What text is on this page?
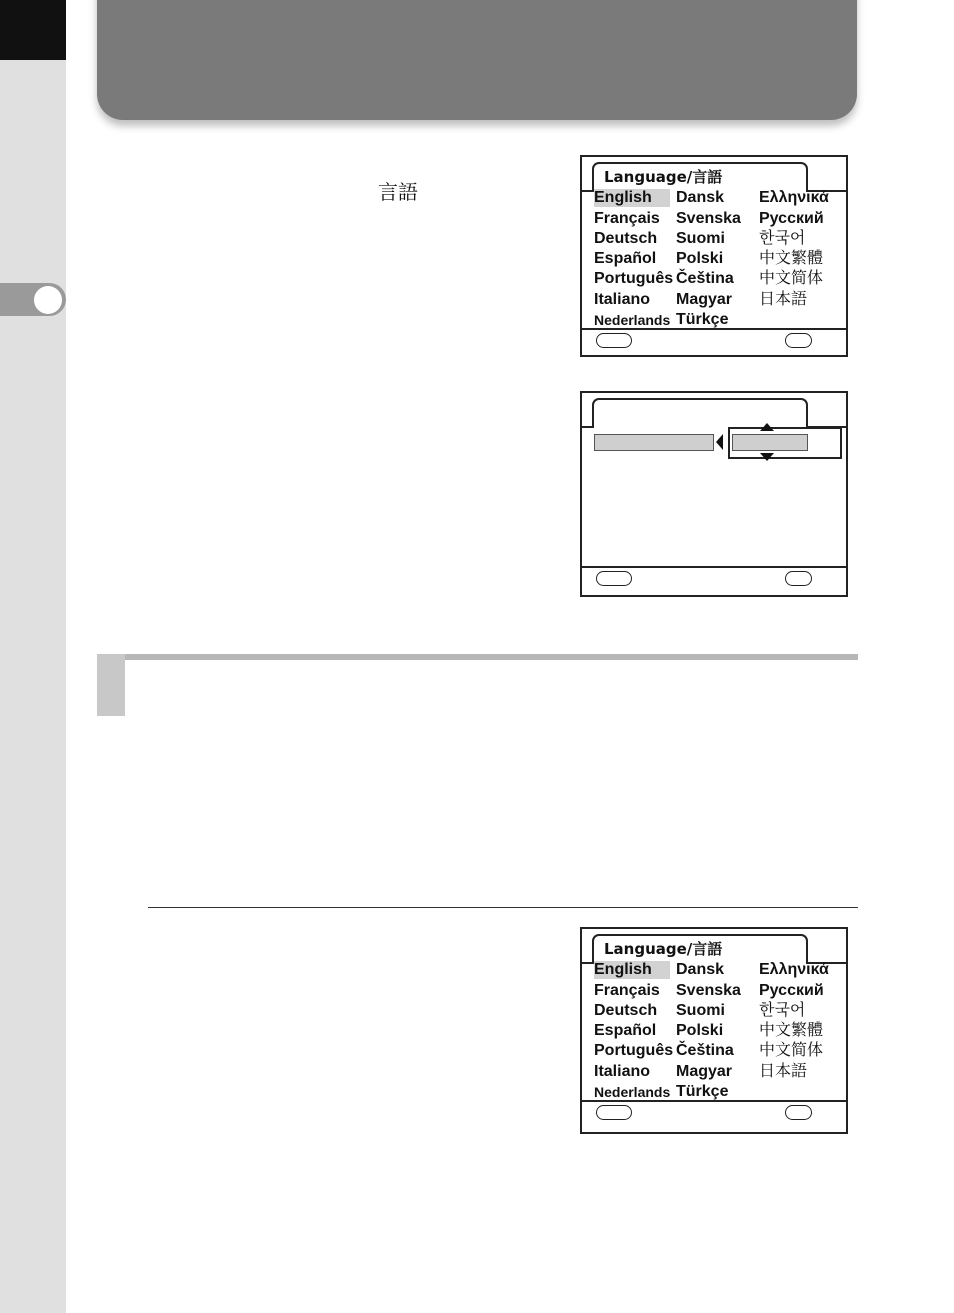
言語
Language/言語
English
Français
Deutsch
Español
Português
Italiano
Nederlands
Dansk
Svenska
Suomi
Polski
Čeština
Magyar
Türkçe
Ελληνικά
Русский
한국어
中文繁體
中文简体
日本語
Language/言語
English
Français
Deutsch
Español
Português
Italiano
Nederlands
Dansk
Svenska
Suomi
Polski
Čeština
Magyar
Türkçe
Ελληνικά
Русский
한국어
中文繁體
中文简体
日本語
